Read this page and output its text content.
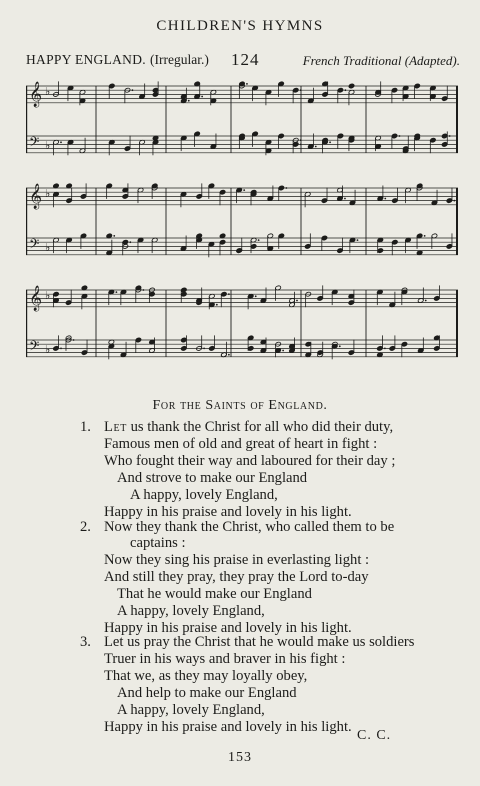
CHILDREN'S HYMNS
HAPPY ENGLAND. (Irregular.) 124	French Traditional (Adapted).
𝄞 ♭
𝄢 ♭
𝄞 ♭
𝄢 ♭
𝄞 ♭
𝄢 ♭
For the Saints of England.
1. Let us thank the Christ for all who did their duty,
Famous men of old and great of heart in fight :
Who fought their way and laboured for their day ;
And strove to make our England
A happy, lovely England,
Happy in his praise and lovely in his light.
2. Now they thank the Christ, who called them to be
captains :
Now they sing his praise in everlasting light :
And still they pray, they pray the Lord to-day
That he would make our England
A happy, lovely England,
Happy in his praise and lovely in his light.
3. Let us pray the Christ that he would make us soldiers
Truer in his ways and braver in his fight :
That we, as they may loyally obey,
And help to make our England
A happy, lovely England,
Happy in his praise and lovely in his light.
C. C.
153
